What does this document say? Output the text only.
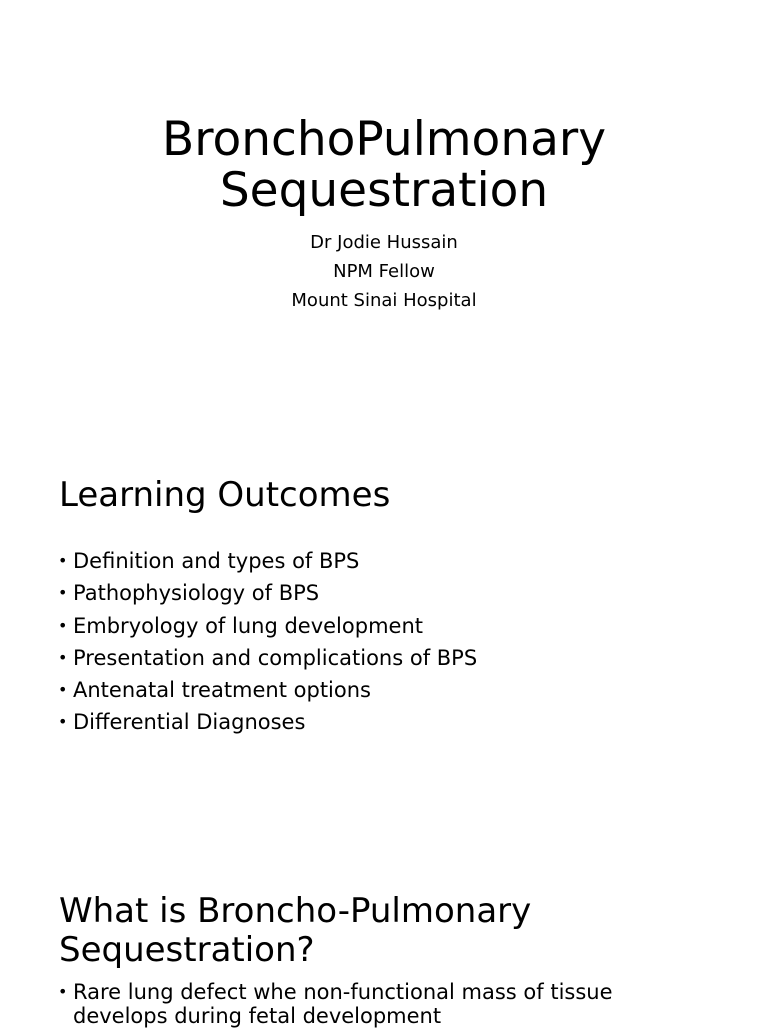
BronchoPulmonary
Sequestration
Dr Jodie Hussain
NPM Fellow
Mount Sinai Hospital
Learning Outcomes
• Definition and types of BPS
• Pathophysiology of BPS
• Embryology of lung development
• Presentation and complications of BPS
• Antenatal treatment options
• Differential Diagnoses
What is Broncho-Pulmonary
Sequestration?
• Rare lung defect whe non-functional mass of tissue develops during fetal development
